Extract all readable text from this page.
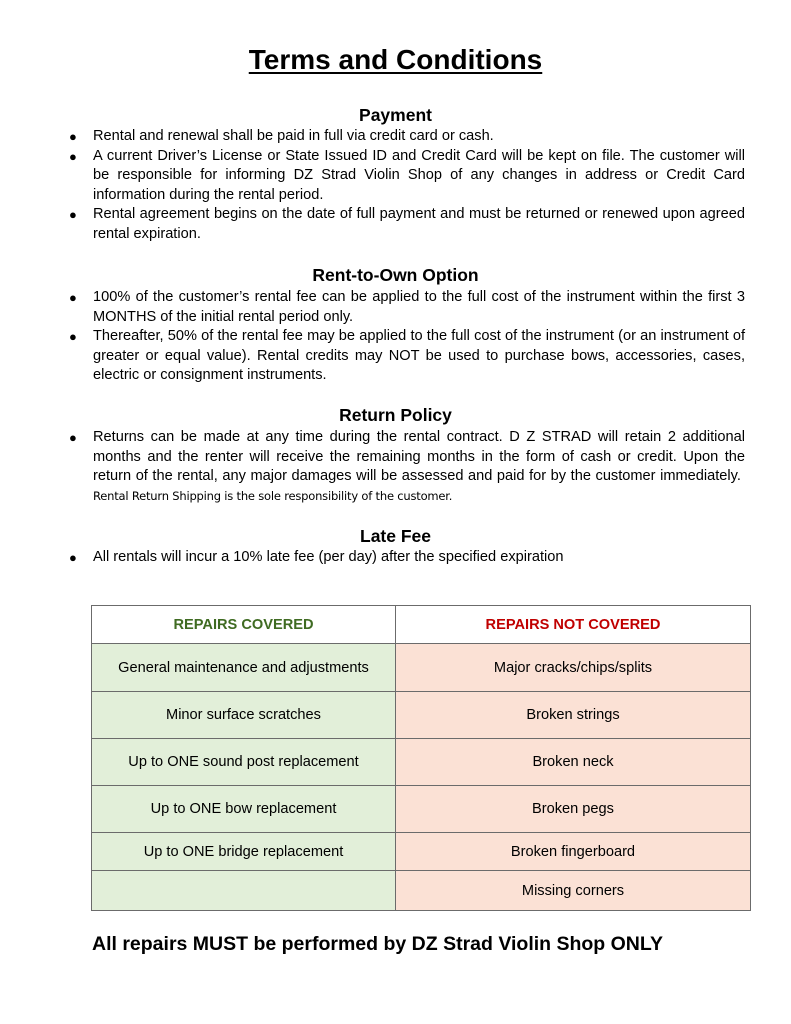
Terms and Conditions
Payment
● Rental and renewal shall be paid in full via credit card or cash.
● A current Driver’s License or State Issued ID and Credit Card will be kept on file. The customer will be responsible for informing DZ Strad Violin Shop of any changes in address or Credit Card information during the rental period.
● Rental agreement begins on the date of full payment and must be returned or renewed upon agreed rental expiration.
Rent-to-Own Option
● 100% of the customer’s rental fee can be applied to the full cost of the instrument within the first 3 MONTHS of the initial rental period only.
● Thereafter, 50% of the rental fee may be applied to the full cost of the instrument (or an instrument of greater or equal value). Rental credits may NOT be used to purchase bows, accessories, cases, electric or consignment instruments.
Return Policy
● Returns can be made at any time during the rental contract. D Z STRAD will retain 2 additional months and the renter will receive the remaining months in the form of cash or credit. Upon the return of the rental, any major damages will be assessed and paid for by the customer immediately.  Rental Return Shipping is the sole responsibility of the customer.
Late Fee
● All rentals will incur a 10% late fee (per day) after the specified expiration
REPAIRS COVERED	REPAIRS NOT COVERED
General maintenance and adjustments	Major cracks/chips/splits
Minor surface scratches	Broken strings
Up to ONE sound post replacement	Broken neck
Up to ONE bow replacement	Broken pegs
Up to ONE bridge replacement	Broken fingerboard
	Missing corners
All repairs MUST be performed by DZ Strad Violin Shop ONLY
